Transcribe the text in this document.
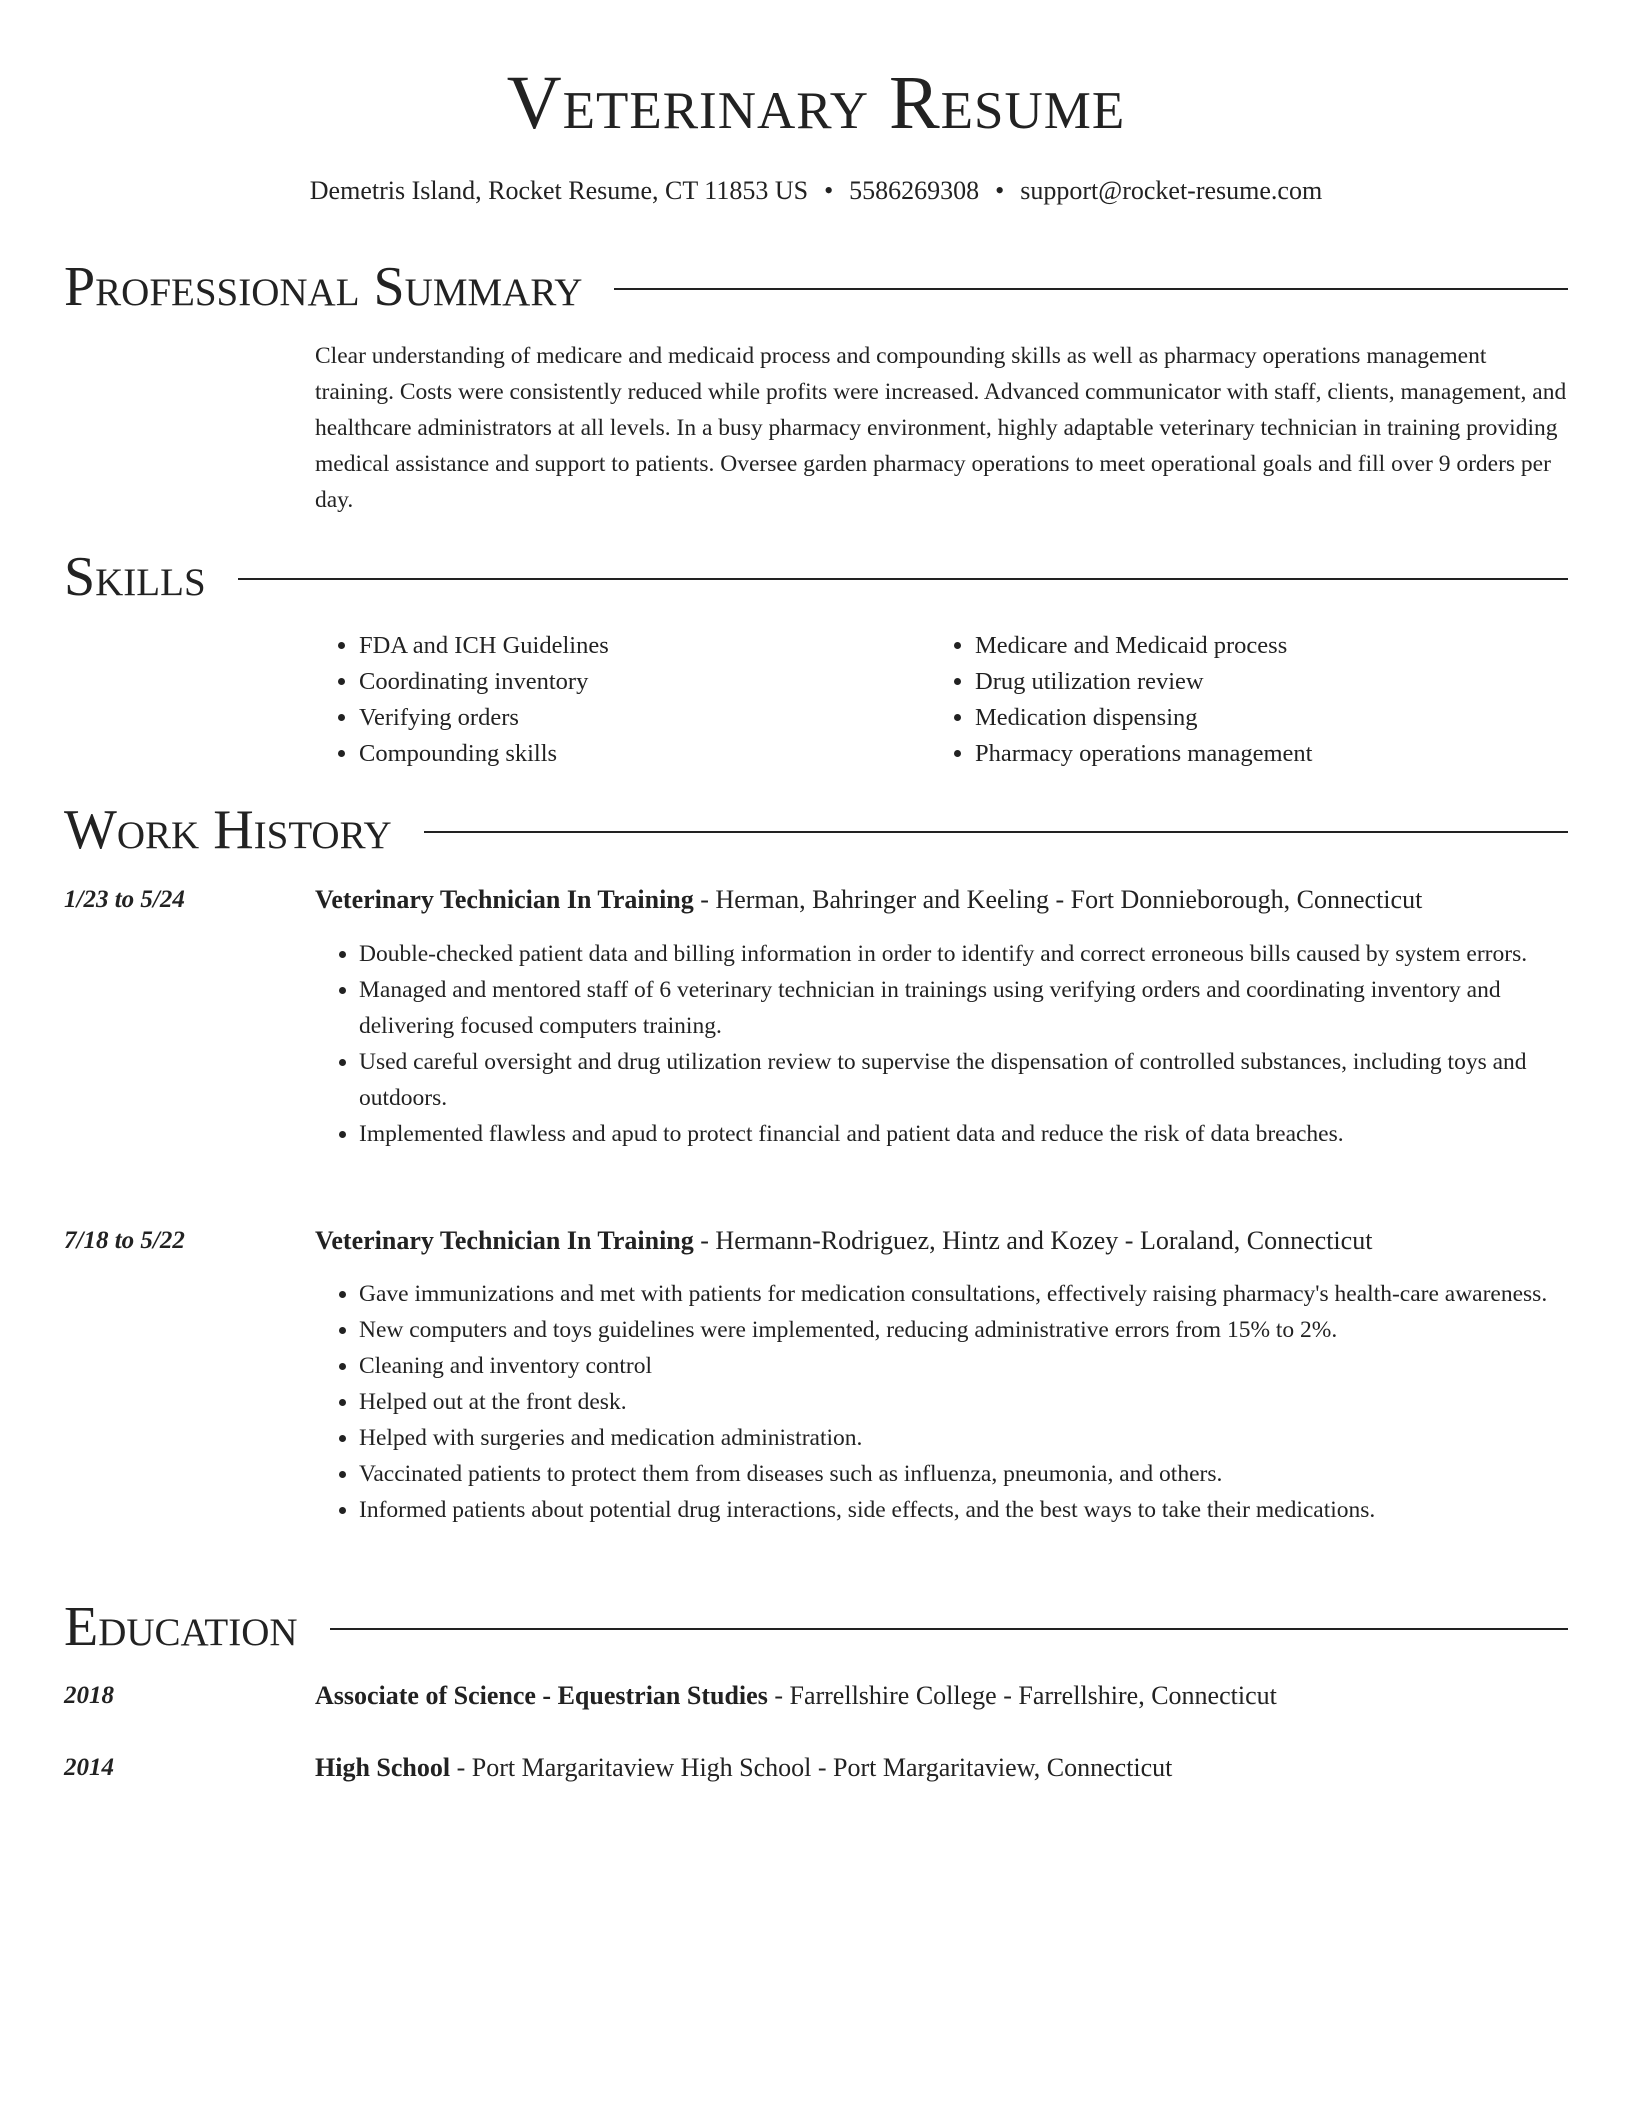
Veterinary Resume
Demetris Island, Rocket Resume, CT 11853 US • 5586269308 • support@rocket-resume.com
Professional Summary
Clear understanding of medicare and medicaid process and compounding skills as well as pharmacy operations management training. Costs were consistently reduced while profits were increased. Advanced communicator with staff, clients, management, and healthcare administrators at all levels. In a busy pharmacy environment, highly adaptable veterinary technician in training providing medical assistance and support to patients. Oversee garden pharmacy operations to meet operational goals and fill over 9 orders per day.
Skills
• FDA and ICH Guidelines
• Coordinating inventory
• Verifying orders
• Compounding skills
• Medicare and Medicaid process
• Drug utilization review
• Medication dispensing
• Pharmacy operations management
Work History
1/23 to 5/24	Veterinary Technician In Training - Herman, Bahringer and Keeling - Fort Donnieborough, Connecticut
• Double-checked patient data and billing information in order to identify and correct erroneous bills caused by system errors.
• Managed and mentored staff of 6 veterinary technician in trainings using verifying orders and coordinating inventory and delivering focused computers training.
• Used careful oversight and drug utilization review to supervise the dispensation of controlled substances, including toys and outdoors.
• Implemented flawless and apud to protect financial and patient data and reduce the risk of data breaches.
7/18 to 5/22	Veterinary Technician In Training - Hermann-Rodriguez, Hintz and Kozey - Loraland, Connecticut
• Gave immunizations and met with patients for medication consultations, effectively raising pharmacy's health-care awareness.
• New computers and toys guidelines were implemented, reducing administrative errors from 15% to 2%.
• Cleaning and inventory control
• Helped out at the front desk.
• Helped with surgeries and medication administration.
• Vaccinated patients to protect them from diseases such as influenza, pneumonia, and others.
• Informed patients about potential drug interactions, side effects, and the best ways to take their medications.
Education
2018	Associate of Science - Equestrian Studies - Farrellshire College - Farrellshire, Connecticut
2014	High School - Port Margaritaview High School - Port Margaritaview, Connecticut
